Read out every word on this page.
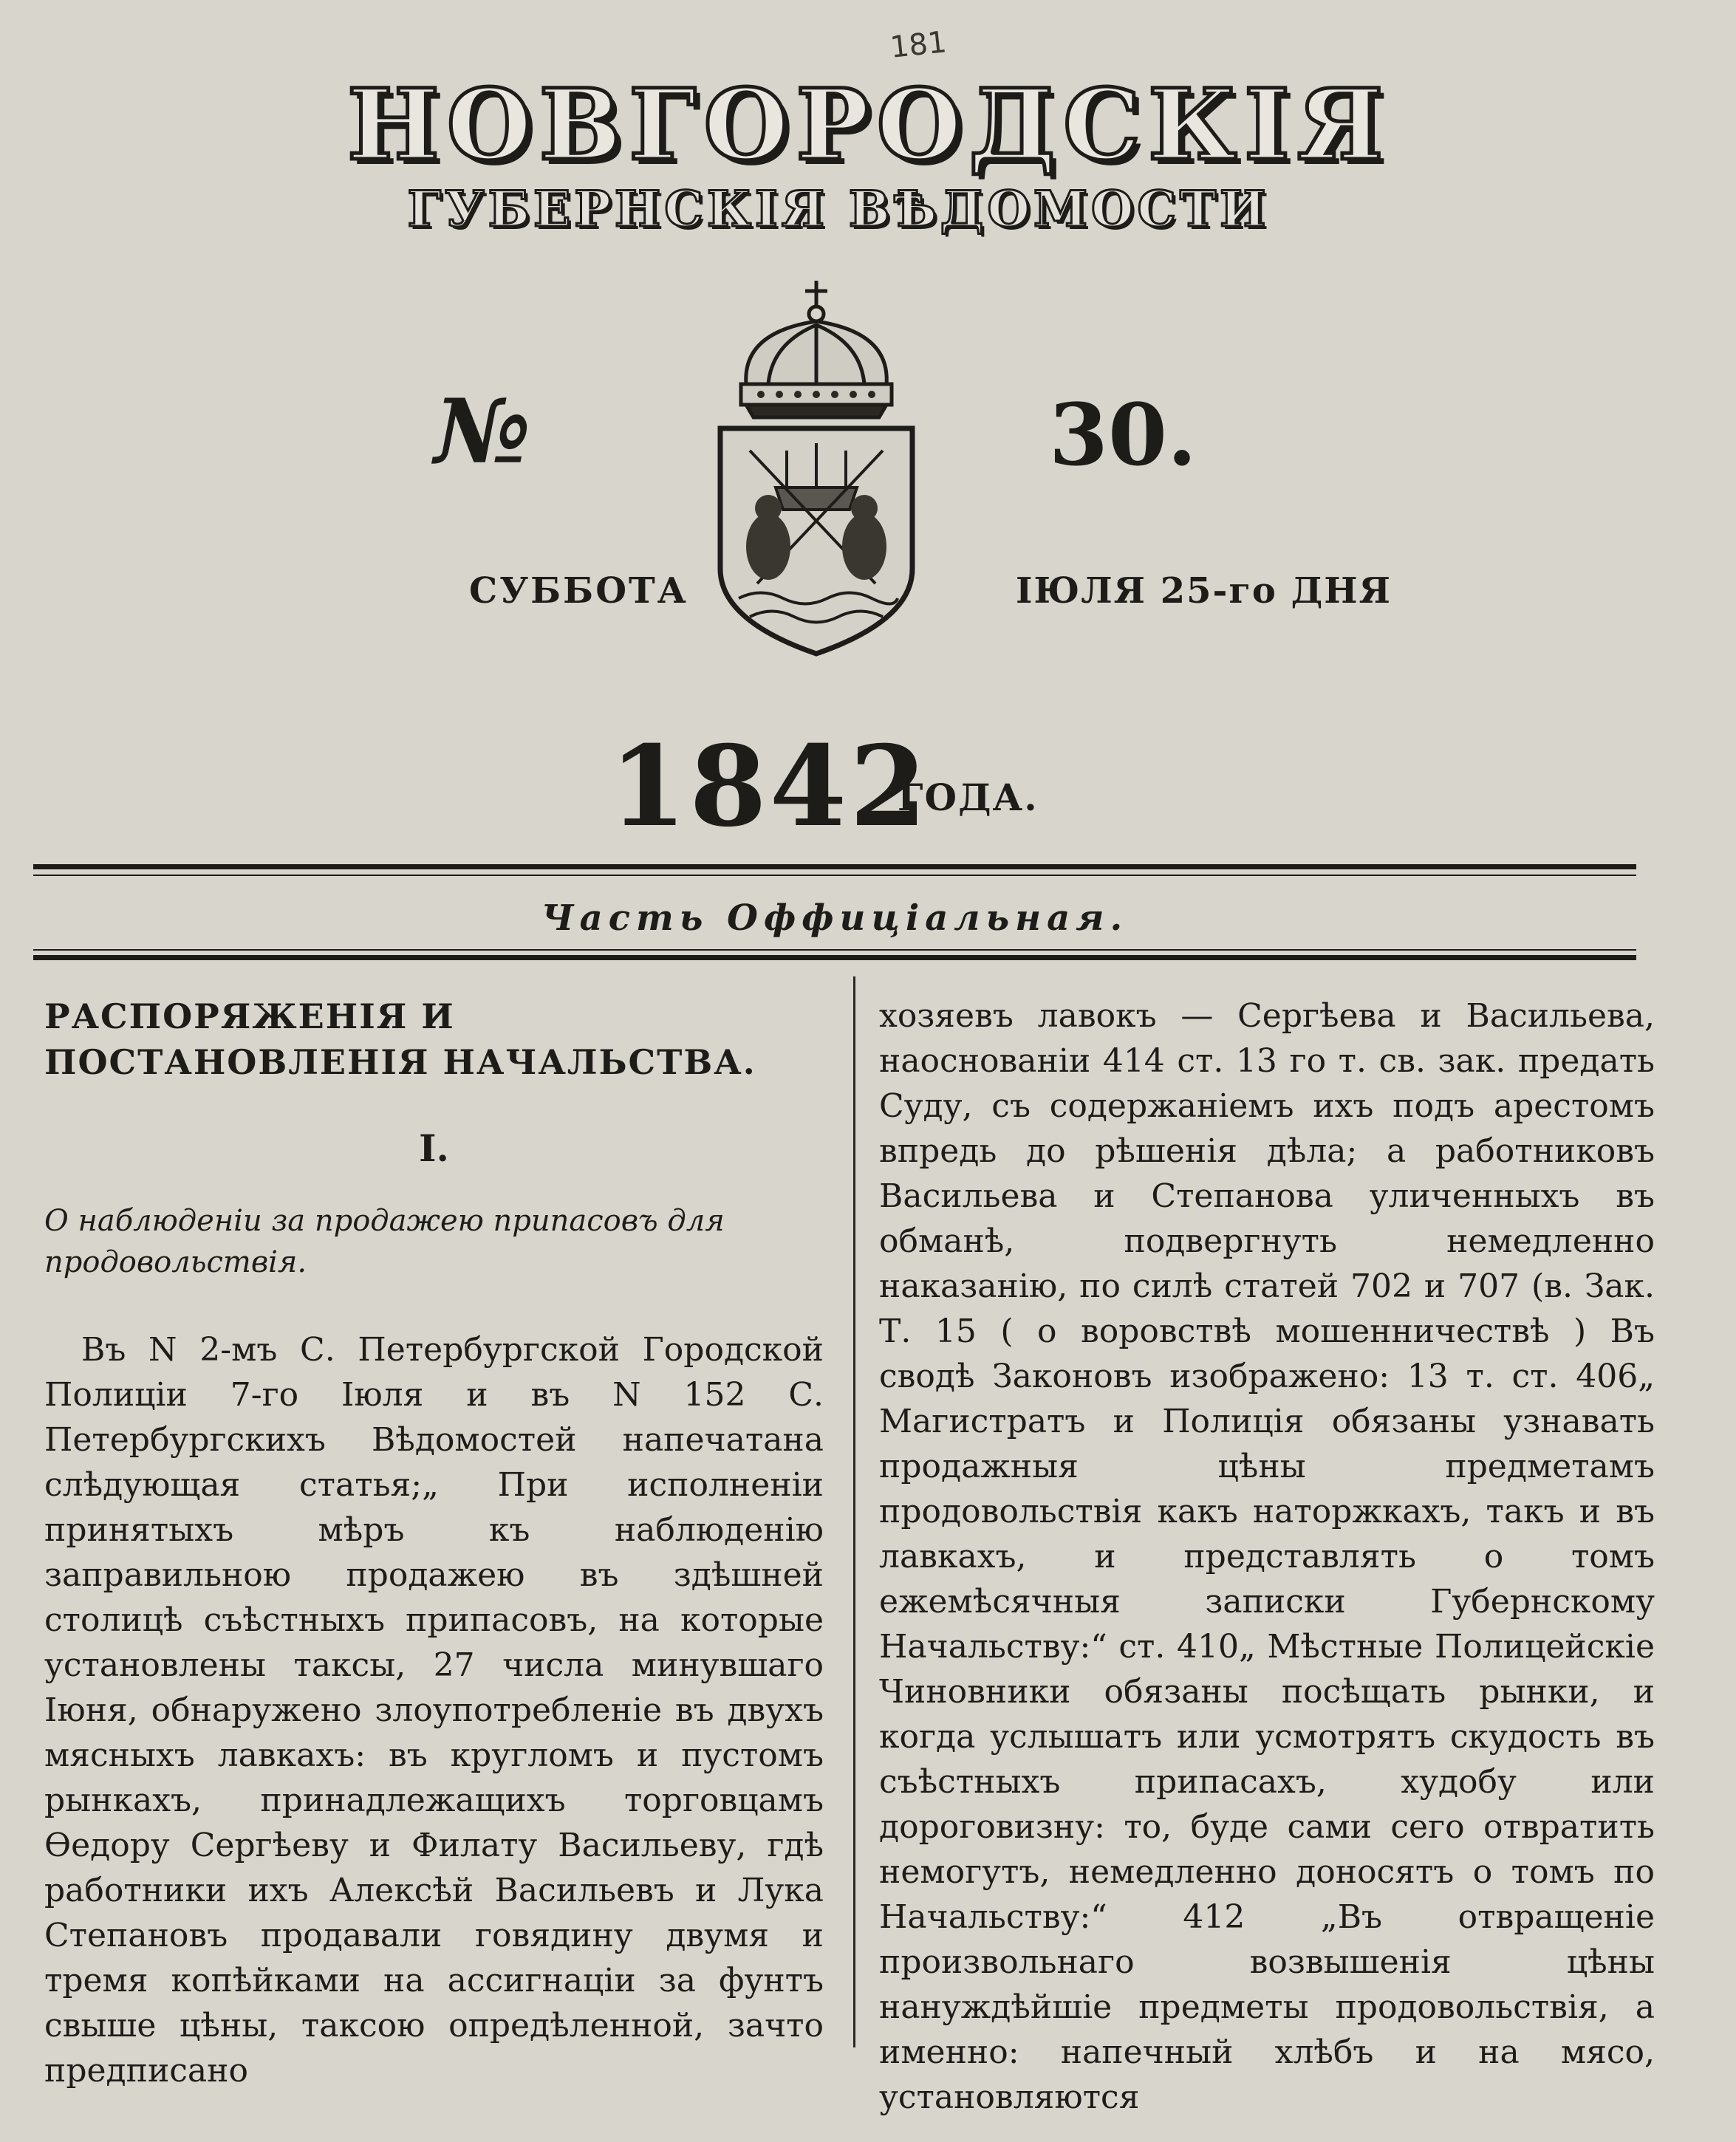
181
НОВГОРОДСКІЯ
ГУБЕРНСКІЯ ВѢДОМОСТИ
№	30.
СУББОТА	ІЮЛЯ 25-го ДНЯ
1842
ГОДА.
Часть Оффиціальная.

РАСПОРЯЖЕНІЯ И ПОСТАНОВЛЕНІЯ НАЧАЛЬСТВА.

I.

О наблюденіи за продажею припасовъ для продовольствія.

Въ N 2-мъ С. Петербургской Городской Полиціи 7-го Іюля и въ N 152 С. Петербургскихъ Вѣдомостей напечатана слѣдующая статья;„ При исполненіи принятыхъ мѣръ къ наблюденію заправильною продажею въ здѣшней столицѣ съѣстныхъ припасовъ, на которые установлены таксы, 27 числа минувшаго Іюня, обнаружено злоупотребленіе въ двухъ мясныхъ лавкахъ: въ кругломъ и пустомъ рынкахъ, принадлежащихъ торговцамъ Ѳедору Сергѣеву и Филату Васильеву, гдѣ работники ихъ Алексѣй Васильевъ и Лука Степановъ продавали говядину двумя и тремя копѣйками на ассигнаціи за фунтъ свыше цѣны, таксою опредѣленной, зачто предписано

хозяевъ лавокъ — Сергѣева и Васильева, наосновaніи 414 ст. 13 го т. св. зак. предать Суду, съ содержаніемъ ихъ подъ арестомъ впредь до рѣшенія дѣла; а работниковъ Васильева и Степанова уличенныхъ въ обманѣ, подвергнуть немедленно наказанію, по силѣ статей 702 и 707 (в. Зак. Т. 15 ( о воровствѣ мошенничествѣ ) Въ сводѣ Законовъ изображено: 13 т. ст. 406„ Магистратъ и Полиція обязаны узнавать продажныя цѣны предметамъ продовольствія какъ наторжкахъ, такъ и въ лавкахъ, и представлять о томъ ежемѣсячныя записки Губернскому Начальству:“ ст. 410„ Мѣстные Полицейскіе Чиновники обязаны посѣщать рынки, и когда услышатъ или усмотрятъ скудость въ съѣстныхъ припасахъ, худобу или дороговизну: то, буде сами сего отвратить немогутъ, немедленно доносятъ о томъ по Начальству:“ 412 „Въ отвращеніе произвольнаго возвышенія цѣны нануждѣйшіе предметы продовольствія, а именно: напечный хлѣбъ и на мясо, установляются
